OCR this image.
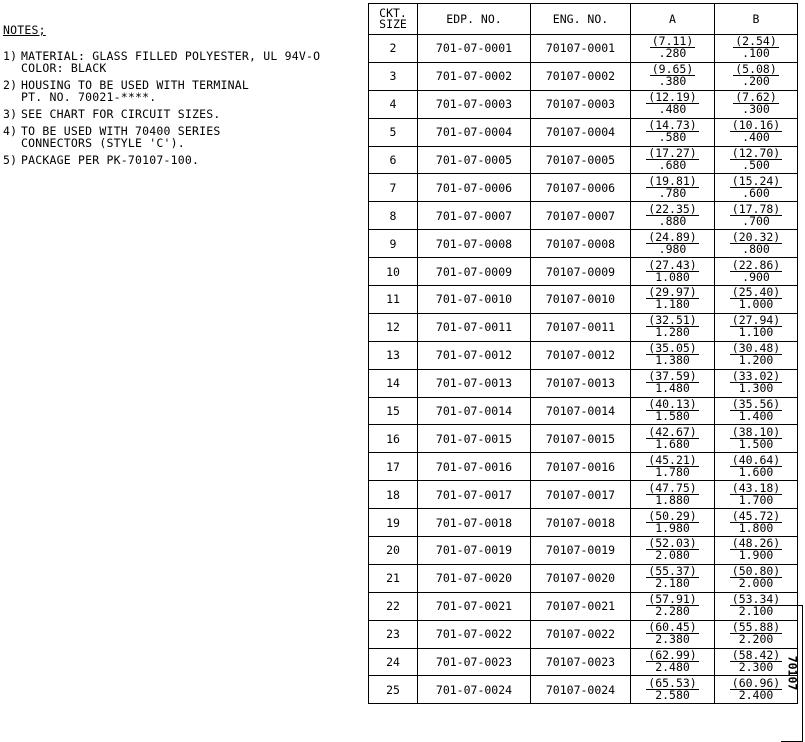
NOTES;
1) MATERIAL: GLASS FILLED POLYESTER, UL 94V-O
COLOR: BLACK
2) HOUSING TO BE USED WITH TERMINAL
PT. NO. 70021-****.
3) SEE CHART FOR CIRCUIT SIZES.
4) TO BE USED WITH 70400 SERIES
CONNECTORS (STYLE 'C').
5) PACKAGE PER PK-70107-100.
CKT.
SIZE	EDP. NO.	ENG. NO.	A	B
2	701-07-0001	70107-0001	$\frac{(7.11)}{.280}$	$\frac{(2.54)}{.100}$

3	701-07-0002	70107-0002	$\frac{(9.65)}{.380}$	$\frac{(5.08)}{.200}$

4	701-07-0003	70107-0003	$\frac{(12.19)}{.480}$	$\frac{(7.62)}{.300}$

5	701-07-0004	70107-0004	$\frac{(14.73)}{.580}$	$\frac{(10.16)}{.400}$

6	701-07-0005	70107-0005	$\frac{(17.27)}{.680}$	$\frac{(12.70)}{.500}$

7	701-07-0006	70107-0006	$\frac{(19.81)}{.780}$	$\frac{(15.24)}{.600}$

8	701-07-0007	70107-0007	$\frac{(22.35)}{.880}$	$\frac{(17.78)}{.700}$

9	701-07-0008	70107-0008	$\frac{(24.89)}{.980}$	$\frac{(20.32)}{.800}$

10	701-07-0009	70107-0009	$\frac{(27.43)}{1.080}$	$\frac{(22.86)}{.900}$

11	701-07-0010	70107-0010	$\frac{(29.97)}{1.180}$	$\frac{(25.40)}{1.000}$

12	701-07-0011	70107-0011	$\frac{(32.51)}{1.280}$	$\frac{(27.94)}{1.100}$

13	701-07-0012	70107-0012	$\frac{(35.05)}{1.380}$	$\frac{(30.48)}{1.200}$

14	701-07-0013	70107-0013	$\frac{(37.59)}{1.480}$	$\frac{(33.02)}{1.300}$

15	701-07-0014	70107-0014	$\frac{(40.13)}{1.580}$	$\frac{(35.56)}{1.400}$

16	701-07-0015	70107-0015	$\frac{(42.67)}{1.680}$	$\frac{(38.10)}{1.500}$

17	701-07-0016	70107-0016	$\frac{(45.21)}{1.780}$	$\frac{(40.64)}{1.600}$

18	701-07-0017	70107-0017	$\frac{(47.75)}{1.880}$	$\frac{(43.18)}{1.700}$

19	701-07-0018	70107-0018	$\frac{(50.29)}{1.980}$	$\frac{(45.72)}{1.800}$

20	701-07-0019	70107-0019	$\frac{(52.03)}{2.080}$	$\frac{(48.26)}{1.900}$

21	701-07-0020	70107-0020	$\frac{(55.37)}{2.180}$	$\frac{(50.80)}{2.000}$

22	701-07-0021	70107-0021	$\frac{(57.91)}{2.280}$	$\frac{(53.34)}{2.100}$

23	701-07-0022	70107-0022	$\frac{(60.45)}{2.380}$	$\frac{(55.88)}{2.200}$

24	701-07-0023	70107-0023	$\frac{(62.99)}{2.480}$	$\frac{(58.42)}{2.300}$

25	701-07-0024	70107-0024	$\frac{(65.53)}{2.580}$	$\frac{(60.96)}{2.400} 70107$
